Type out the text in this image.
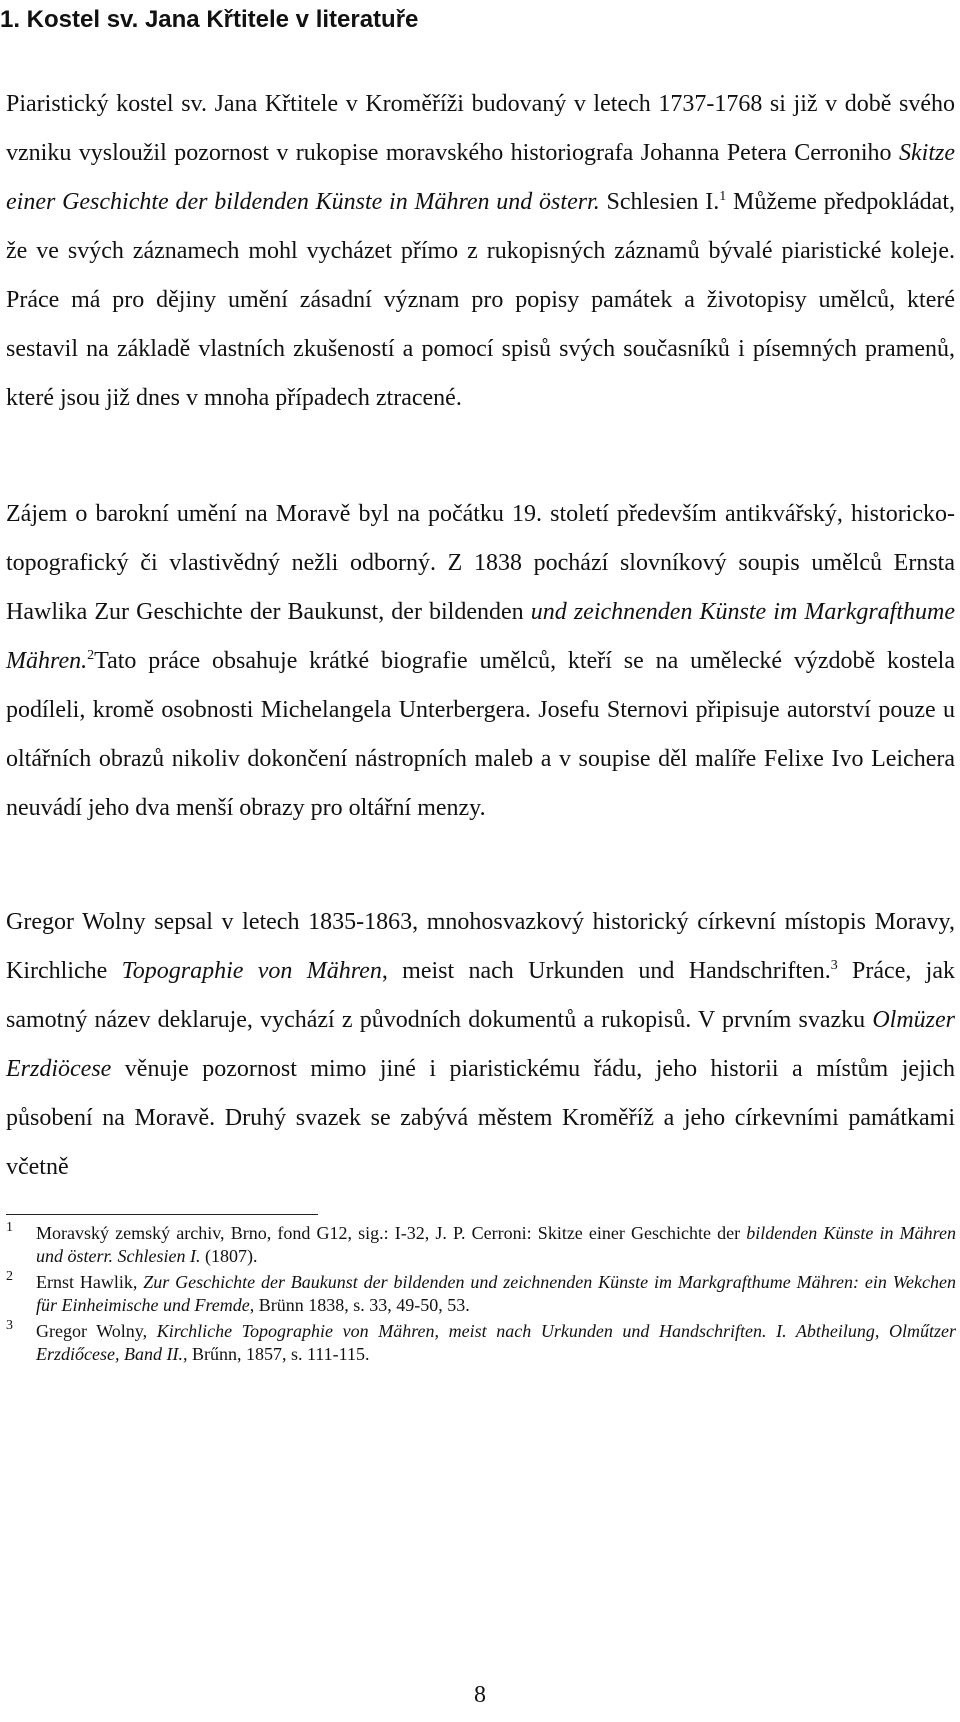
1. Kostel sv. Jana Křtitele v literatuře

Piaristický kostel sv. Jana Křtitele v Kroměříži budovaný v letech 1737-1768 si již v době svého vzniku vysloužil pozornost v rukopise moravského historiografa Johanna Petera Cerroniho Skitze einer Geschichte der bildenden Künste in Mähren und österr. Schlesien I.$^1$ Můžeme předpokládat, že ve svých záznamech mohl vycházet přímo z rukopisných záznamů bývalé piaristické koleje. Práce má pro dějiny umění zásadní význam pro popisy památek a životopisy umělců, které sestavil na základě vlastních zkušeností a pomocí spisů svých současníků i písemných pramenů, které jsou již dnes v mnoha případech ztracené.

Zájem o barokní umění na Moravě byl na počátku 19. století především antikvářský, historicko-topografický či vlastivědný nežli odborný. Z 1838 pochází slovníkový soupis umělců Ernsta Hawlika Zur Geschichte der Baukunst, der bildenden und zeichnenden Künste im Markgrafthume Mähren.$^2$Tato práce obsahuje krátké biografie umělců, kteří se na umělecké výzdobě kostela podíleli, kromě osobnosti Michelangela Unterbergera. Josefu Sternovi připisuje autorství pouze u oltářních obrazů nikoliv dokončení nástropních maleb a v soupise děl malíře Felixe Ivo Leichera neuvádí jeho dva menší obrazy pro oltářní menzy.

Gregor Wolny sepsal v letech 1835-1863, mnohosvazkový historický církevní místopis Moravy, Kirchliche Topographie von Mähren, meist nach Urkunden und Handschriften.$^3$ Práce, jak samotný název deklaruje, vychází z původních dokumentů a rukopisů. V prvním svazku Olmüzer Erzdiöcese věnuje pozornost mimo jiné i piaristickému řádu, jeho historii a místům jejich působení na Moravě. Druhý svazek se zabývá městem Kroměříž a jeho církevními památkami včetně

1 Moravský zemský archiv, Brno, fond G12, sig.: I-32, J. P. Cerroni: Skitze einer Geschichte der bildenden Künste in Mähren und österr. Schlesien I. (1807).
2 Ernst Hawlik, Zur Geschichte der Baukunst der bildenden und zeichnenden Künste im Markgrafthume Mähren: ein Wekchen für Einheimische und Fremde, Brünn 1838, s. 33, 49-50, 53.
3 Gregor Wolny, Kirchliche Topographie von Mähren, meist nach Urkunden und Handschriften. I. Abtheilung, Olműtzer Erzdiőcese, Band II., Brűnn, 1857, s. 111-115.
8
